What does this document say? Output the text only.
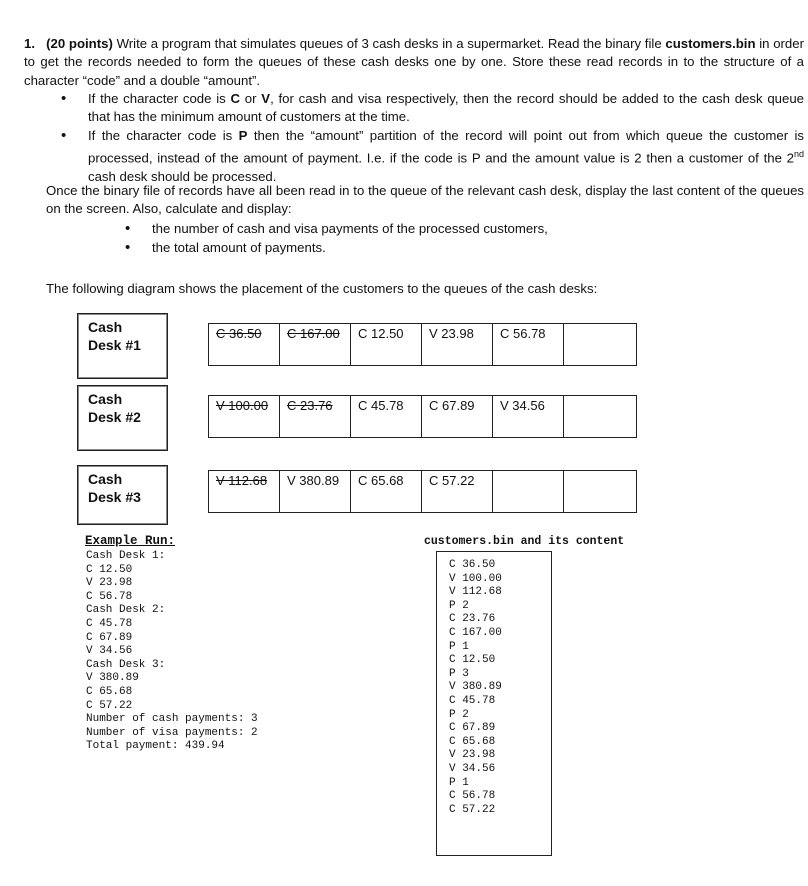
1. (20 points) Write a program that simulates queues of 3 cash desks in a supermarket. Read the binary file customers.bin in order to get the records needed to form the queues of these cash desks one by one. Store these read records in to the structure of a character “code” and a double “amount”.
• If the character code is C or V, for cash and visa respectively, then the record should be added to the cash desk queue that has the minimum amount of customers at the time.
• If the character code is P then the “amount” partition of the record will point out from which queue the customer is processed, instead of the amount of payment. I.e. if the code is P and the amount value is 2 then a customer of the 2nd cash desk should be processed.
Once the binary file of records have all been read in to the queue of the relevant cash desk, display the last content of the queues on the screen. Also, calculate and display:
• the number of cash and visa payments of the processed customers,
• the total amount of payments.
The following diagram shows the placement of the customers to the queues of the cash desks:
Cash
Desk #1
C 36.50	C 167.00	C 12.50	V 23.98	C 56.78
Cash
Desk #2
V 100.00	C 23.76	C 45.78	C 67.89	V 34.56
Cash
Desk #3
V 112.68	V 380.89	C 65.68	C 57.22
Example Run:
Cash Desk 1:
C 12.50
V 23.98
C 56.78
Cash Desk 2:
C 45.78
C 67.89
V 34.56
Cash Desk 3:
V 380.89
C 65.68
C 57.22
Number of cash payments: 3
Number of visa payments: 2
Total payment: 439.94
customers.bin and its content
C 36.50
V 100.00
V 112.68
P 2
C 23.76
C 167.00
P 1
C 12.50
P 3
V 380.89
C 45.78
P 2
C 67.89
C 65.68
V 23.98
V 34.56
P 1
C 56.78
C 57.22
